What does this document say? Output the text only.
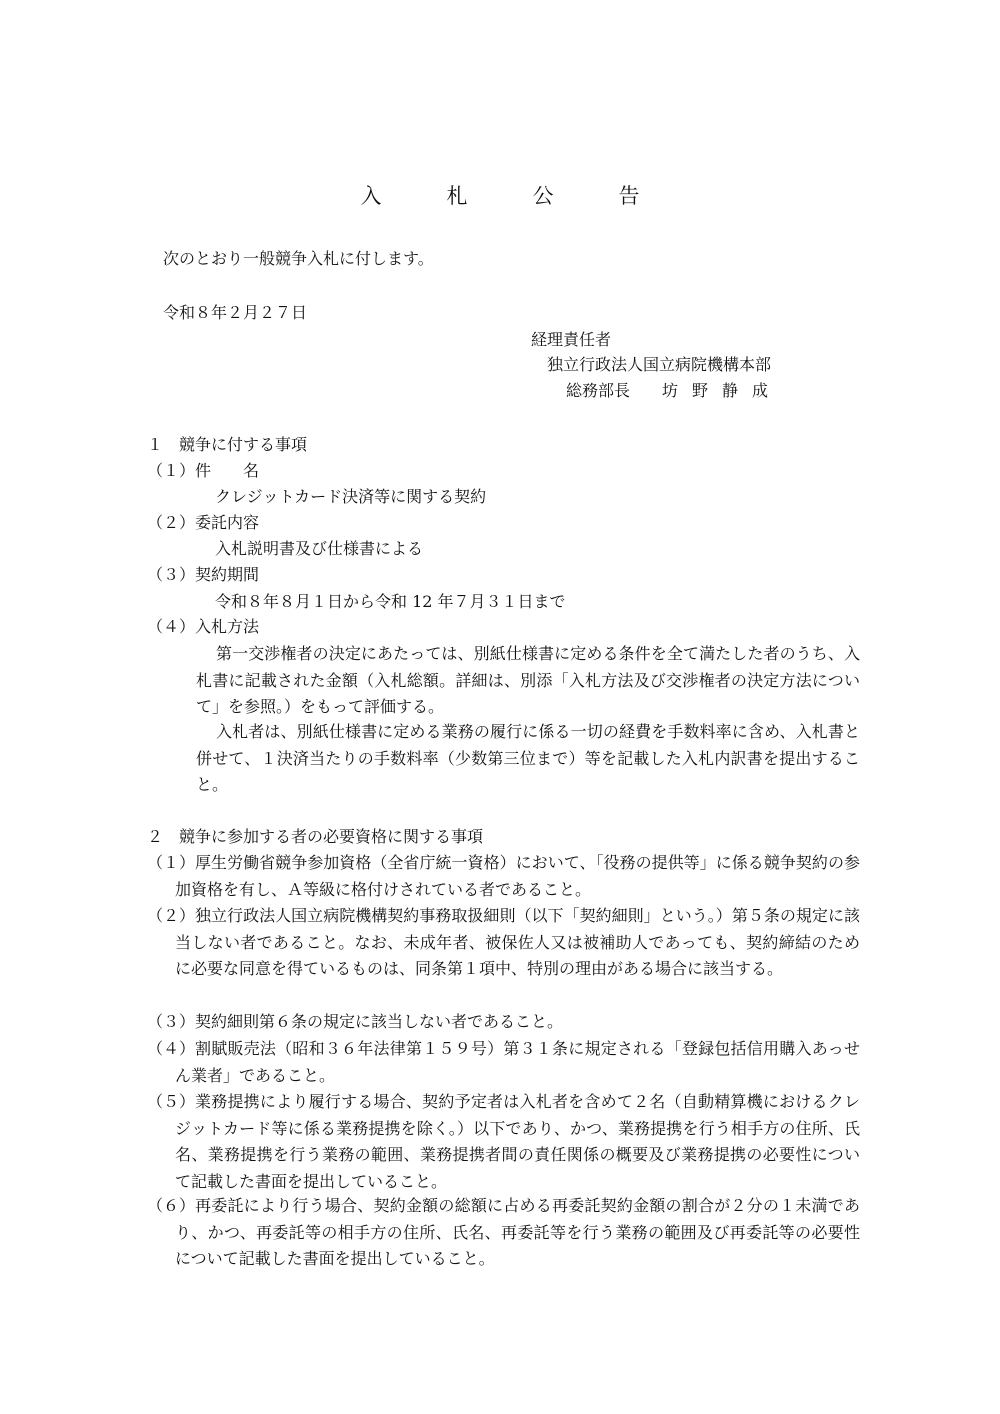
入　札　公　告
次のとおり一般競争入札に付します。
令和８年２月２７日
経理責任者
独立行政法人国立病院機構本部
総務部長 坊野静成
１　競争に付する事項
（１）件　　名
クレジットカード決済等に関する契約
（２）委託内容
入札説明書及び仕様書による
（３）契約期間
令和８年８月１日から令和 12 年７月３１日まで
（４）入札方法
第一交渉権者の決定にあたっては、別紙仕様書に定める条件を全て満たした者のうち、入札書に記載された金額（入札総額。詳細は、別添「入札方法及び交渉権者の決定方法について」を参照。）をもって評価する。
入札者は、別紙仕様書に定める業務の履行に係る一切の経費を手数料率に含め、入札書と併せて、１決済当たりの手数料率（少数第三位まで）等を記載した入札内訳書を提出すること。
２　競争に参加する者の必要資格に関する事項
（１） 厚生労働省競争参加資格（全省庁統一資格）において、「役務の提供等」に係る競争契約の参加資格を有し、Ａ等級に格付けされている者であること。
（２） 独立行政法人国立病院機構契約事務取扱細則（以下「契約細則」という。）第５条の規定に該当しない者であること。なお、未成年者、被保佐人又は被補助人であっても、契約締結のために必要な同意を得ているものは、同条第１項中、特別の理由がある場合に該当する。
（３） 契約細則第６条の規定に該当しない者であること。
（４） 割賦販売法（昭和３６年法律第１５９号）第３１条に規定される「登録包括信用購入あっせん業者」であること。
（５） 業務提携により履行する場合、契約予定者は入札者を含めて２名（自動精算機におけるクレジットカード等に係る業務提携を除く。）以下であり、かつ、業務提携を行う相手方の住所、氏名、業務提携を行う業務の範囲、業務提携者間の責任関係の概要及び業務提携の必要性について記載した書面を提出していること。
（６） 再委託により行う場合、契約金額の総額に占める再委託契約金額の割合が２分の１未満であり、かつ、再委託等の相手方の住所、氏名、再委託等を行う業務の範囲及び再委託等の必要性について記載した書面を提出していること。
